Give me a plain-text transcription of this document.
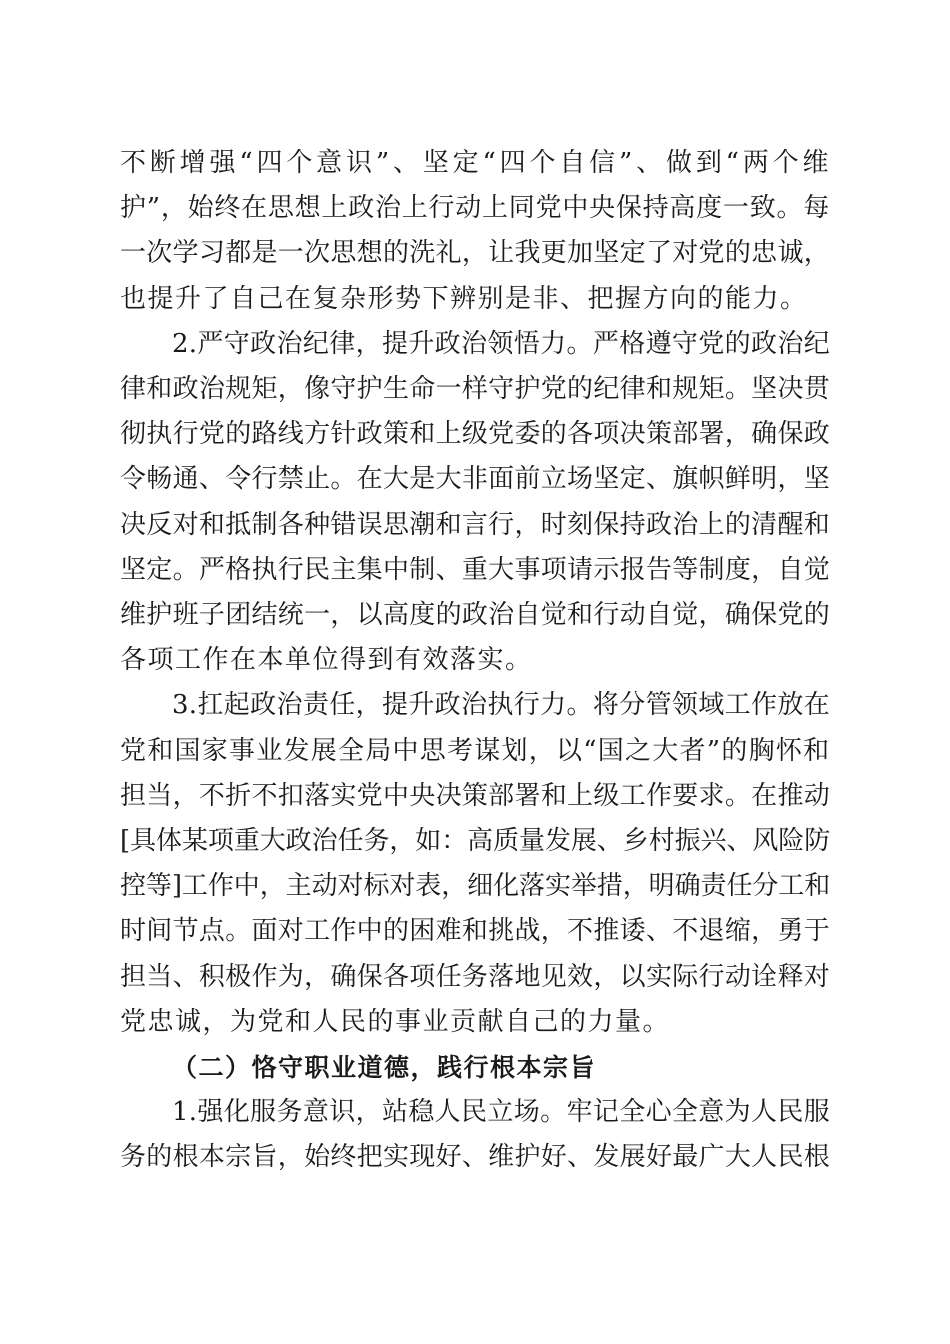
不断增强“四个意识”、坚定“四个自信”、做到“两个维
护”，始终在思想上政治上行动上同党中央保持高度一致。每
一次学习都是一次思想的洗礼，让我更加坚定了对党的忠诚，
也提升了自己在复杂形势下辨别是非、把握方向的能力。

2.严守政治纪律，提升政治领悟力。严格遵守党的政治纪
律和政治规矩，像守护生命一样守护党的纪律和规矩。坚决贯
彻执行党的路线方针政策和上级党委的各项决策部署，确保政
令畅通、令行禁止。在大是大非面前立场坚定、旗帜鲜明，坚
决反对和抵制各种错误思潮和言行，时刻保持政治上的清醒和
坚定。严格执行民主集中制、重大事项请示报告等制度，自觉
维护班子团结统一，以高度的政治自觉和行动自觉，确保党的
各项工作在本单位得到有效落实。

3.扛起政治责任，提升政治执行力。将分管领域工作放在
党和国家事业发展全局中思考谋划，以“国之大者”的胸怀和
担当，不折不扣落实党中央决策部署和上级工作要求。在推动
[具体某项重大政治任务，如：高质量发展、乡村振兴、风险防
控等]工作中，主动对标对表，细化落实举措，明确责任分工和
时间节点。面对工作中的困难和挑战，不推诿、不退缩，勇于
担当、积极作为，确保各项任务落地见效，以实际行动诠释对
党忠诚，为党和人民的事业贡献自己的力量。

（二）恪守职业道德，践行根本宗旨

1.强化服务意识，站稳人民立场。牢记全心全意为人民服
务的根本宗旨，始终把实现好、维护好、发展好最广大人民根
